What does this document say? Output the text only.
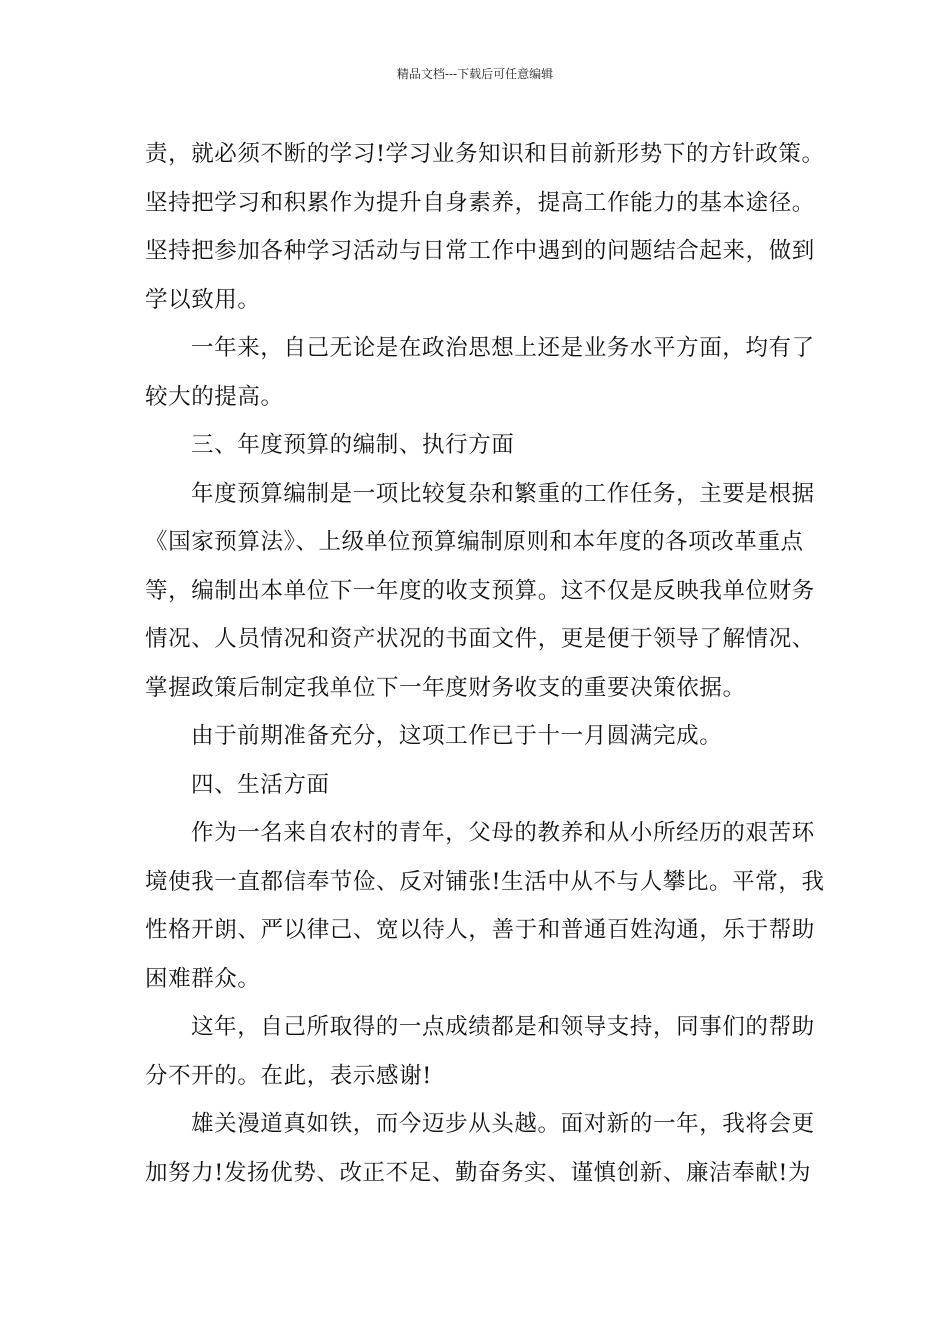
精品文档---下载后可任意编辑
责，就必须不断的学习!学习业务知识和目前新形势下的方针政策。
坚持把学习和积累作为提升自身素养，提高工作能力的基本途径。
坚持把参加各种学习活动与日常工作中遇到的问题结合起来，做到
学以致用。
一年来，自己无论是在政治思想上还是业务水平方面，均有了
较大的提高。
三、年度预算的编制、执行方面
年度预算编制是一项比较复杂和繁重的工作任务，主要是根据
《国家预算法》、上级单位预算编制原则和本年度的各项改革重点
等，编制出本单位下一年度的收支预算。这不仅是反映我单位财务
情况、人员情况和资产状况的书面文件，更是便于领导了解情况、
掌握政策后制定我单位下一年度财务收支的重要决策依据。
由于前期准备充分，这项工作已于十一月圆满完成。
四、生活方面
作为一名来自农村的青年，父母的教养和从小所经历的艰苦环
境使我一直都信奉节俭、反对铺张!生活中从不与人攀比。平常，我
性格开朗、严以律己、宽以待人，善于和普通百姓沟通，乐于帮助
困难群众。
这年，自己所取得的一点成绩都是和领导支持，同事们的帮助
分不开的。在此，表示感谢!
雄关漫道真如铁，而今迈步从头越。面对新的一年，我将会更
加努力!发扬优势、改正不足、勤奋务实、谨慎创新、廉洁奉献!为
